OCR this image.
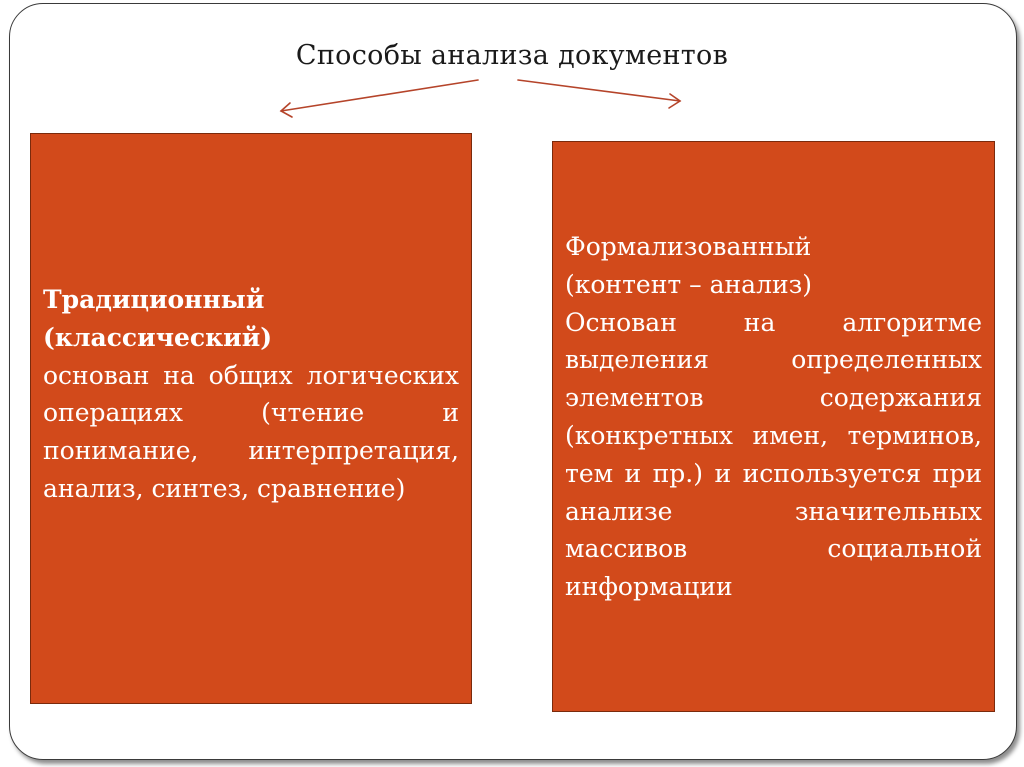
Способы анализа документов
Традиционный
(классический)
основан на общих логических операциях (чтение и понимание, интерпретация, анализ, синтез, сравнение)
Формализованный
(контент – анализ)
Основан на алгоритме выделения определенных элементов содержания (конкретных имен, терминов, тем и пр.) и используется при анализе значительных массивов социальной информации
